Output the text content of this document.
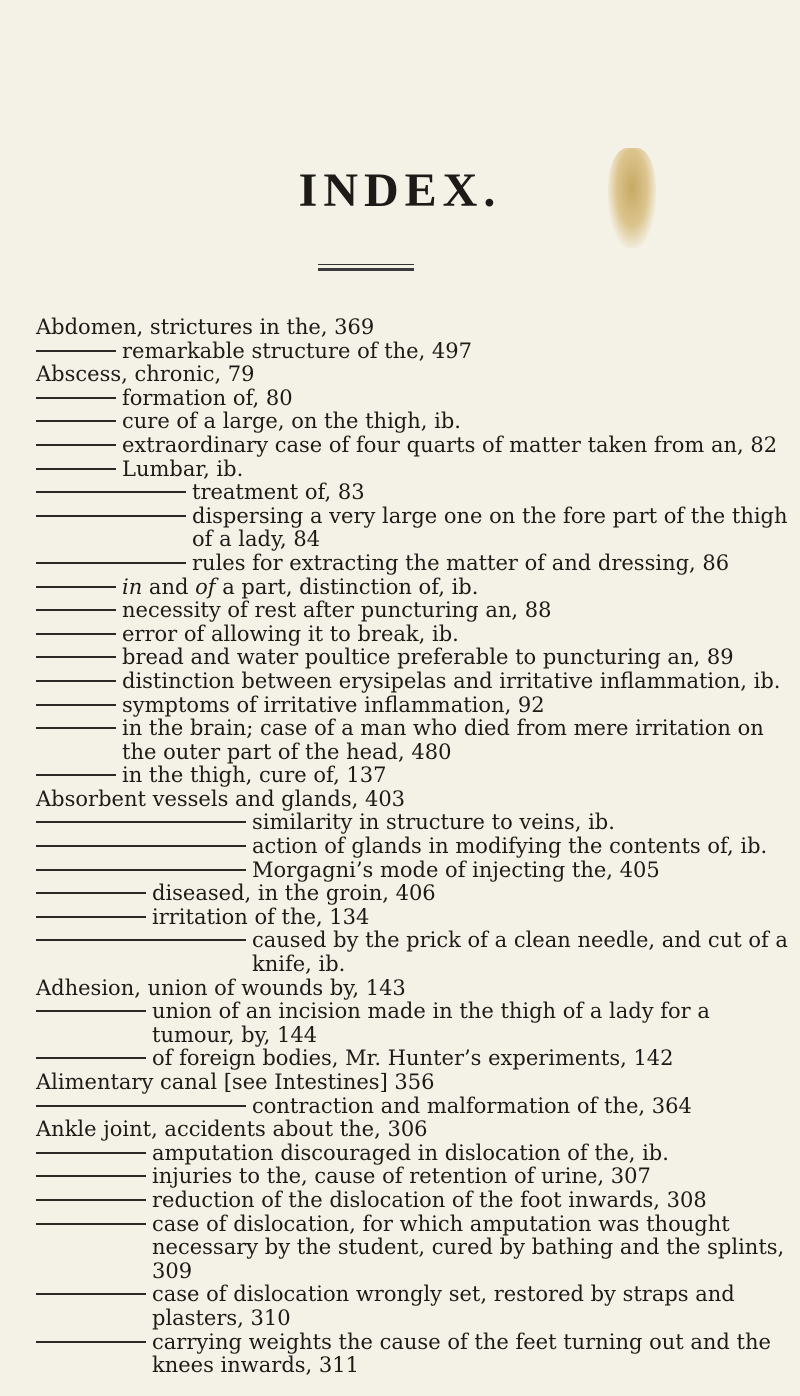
INDEX.
Abdomen, strictures in the, 369
remarkable structure of the, 497
Abscess, chronic, 79
formation of, 80
cure of a large, on the thigh, ib.
extraordinary case of four quarts of matter taken from an, 82
Lumbar, ib.
treatment of, 83
dispersing a very large one on the fore part of the thigh of a lady, 84
rules for extracting the matter of and dressing, 86
in and of a part, distinction of, ib.
necessity of rest after puncturing an, 88
error of allowing it to break, ib.
bread and water poultice preferable to puncturing an, 89
distinction between erysipelas and irritative inflammation, ib.
symptoms of irritative inflammation, 92
in the brain; case of a man who died from mere irritation on the outer part of the head, 480
in the thigh, cure of, 137
Absorbent vessels and glands, 403
similarity in structure to veins, ib.
action of glands in modifying the contents of, ib.
Morgagni’s mode of injecting the, 405
diseased, in the groin, 406
irritation of the, 134
caused by the prick of a clean needle, and cut of a knife, ib.
Adhesion, union of wounds by, 143
union of an incision made in the thigh of a lady for a tumour, by, 144
of foreign bodies, Mr. Hunter’s experiments, 142
Alimentary canal [see Intestines] 356
contraction and malformation of the, 364
Ankle joint, accidents about the, 306
amputation discouraged in dislocation of the, ib.
injuries to the, cause of retention of urine, 307
reduction of the dislocation of the foot inwards, 308
case of dislocation, for which amputation was thought necessary by the student, cured by bathing and the splints, 309
case of dislocation wrongly set, restored by straps and plasters, 310
carrying weights the cause of the feet turning out and the knees inwards, 311
